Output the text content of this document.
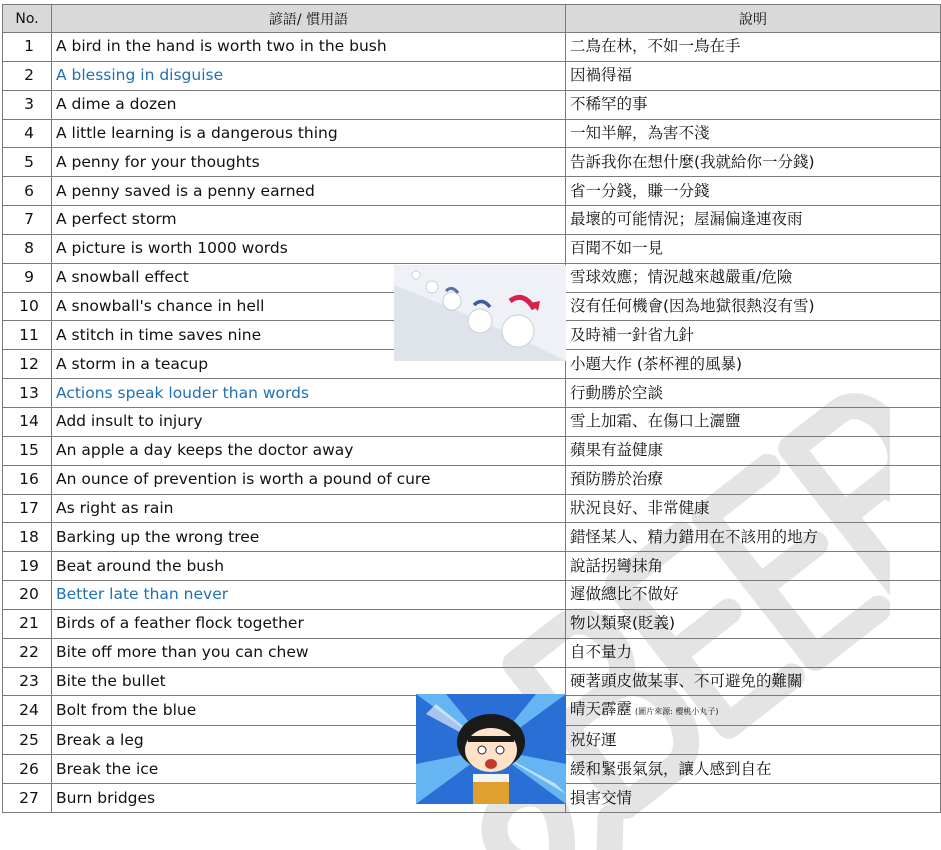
No.	諺語/ 慣用語	說明
1	A bird in the hand is worth two in the bush	二鳥在林，不如一鳥在手
2	A blessing in disguise	因禍得福
3	A dime a dozen	不稀罕的事
4	A little learning is a dangerous thing	一知半解，為害不淺
5	A penny for your thoughts	告訴我你在想什麼(我就給你一分錢)
6	A penny saved is a penny earned	省一分錢，賺一分錢
7	A perfect storm	最壞的可能情況；屋漏偏逢連夜雨
8	A picture is worth 1000 words	百聞不如一見
9	A snowball effect	雪球效應；情況越來越嚴重/危險
10	A snowball's chance in hell	沒有任何機會(因為地獄很熱沒有雪)
11	A stitch in time saves nine	及時補一針省九針
12	A storm in a teacup	小題大作 (茶杯裡的風暴)
13	Actions speak louder than words	行動勝於空談
14	Add insult to injury	雪上加霜、在傷口上灑鹽
15	An apple a day keeps the doctor away	蘋果有益健康
16	An ounce of prevention is worth a pound of cure	預防勝於治療
17	As right as rain	狀況良好、非常健康
18	Barking up the wrong tree	錯怪某人、精力錯用在不該用的地方
19	Beat around the bush	說話拐彎抹角
20	Better late than never	遲做總比不做好
21	Birds of a feather flock together	物以類聚(貶義)
22	Bite off more than you can chew	自不量力
23	Bite the bullet	硬著頭皮做某事、不可避免的難關
24	Bolt from the blue	晴天霹靂 (圖片來源: 櫻桃小丸子)
25	Break a leg	祝好運
26	Break the ice	緩和緊張氣氛，讓人感到自在
27	Burn bridges	損害交情
